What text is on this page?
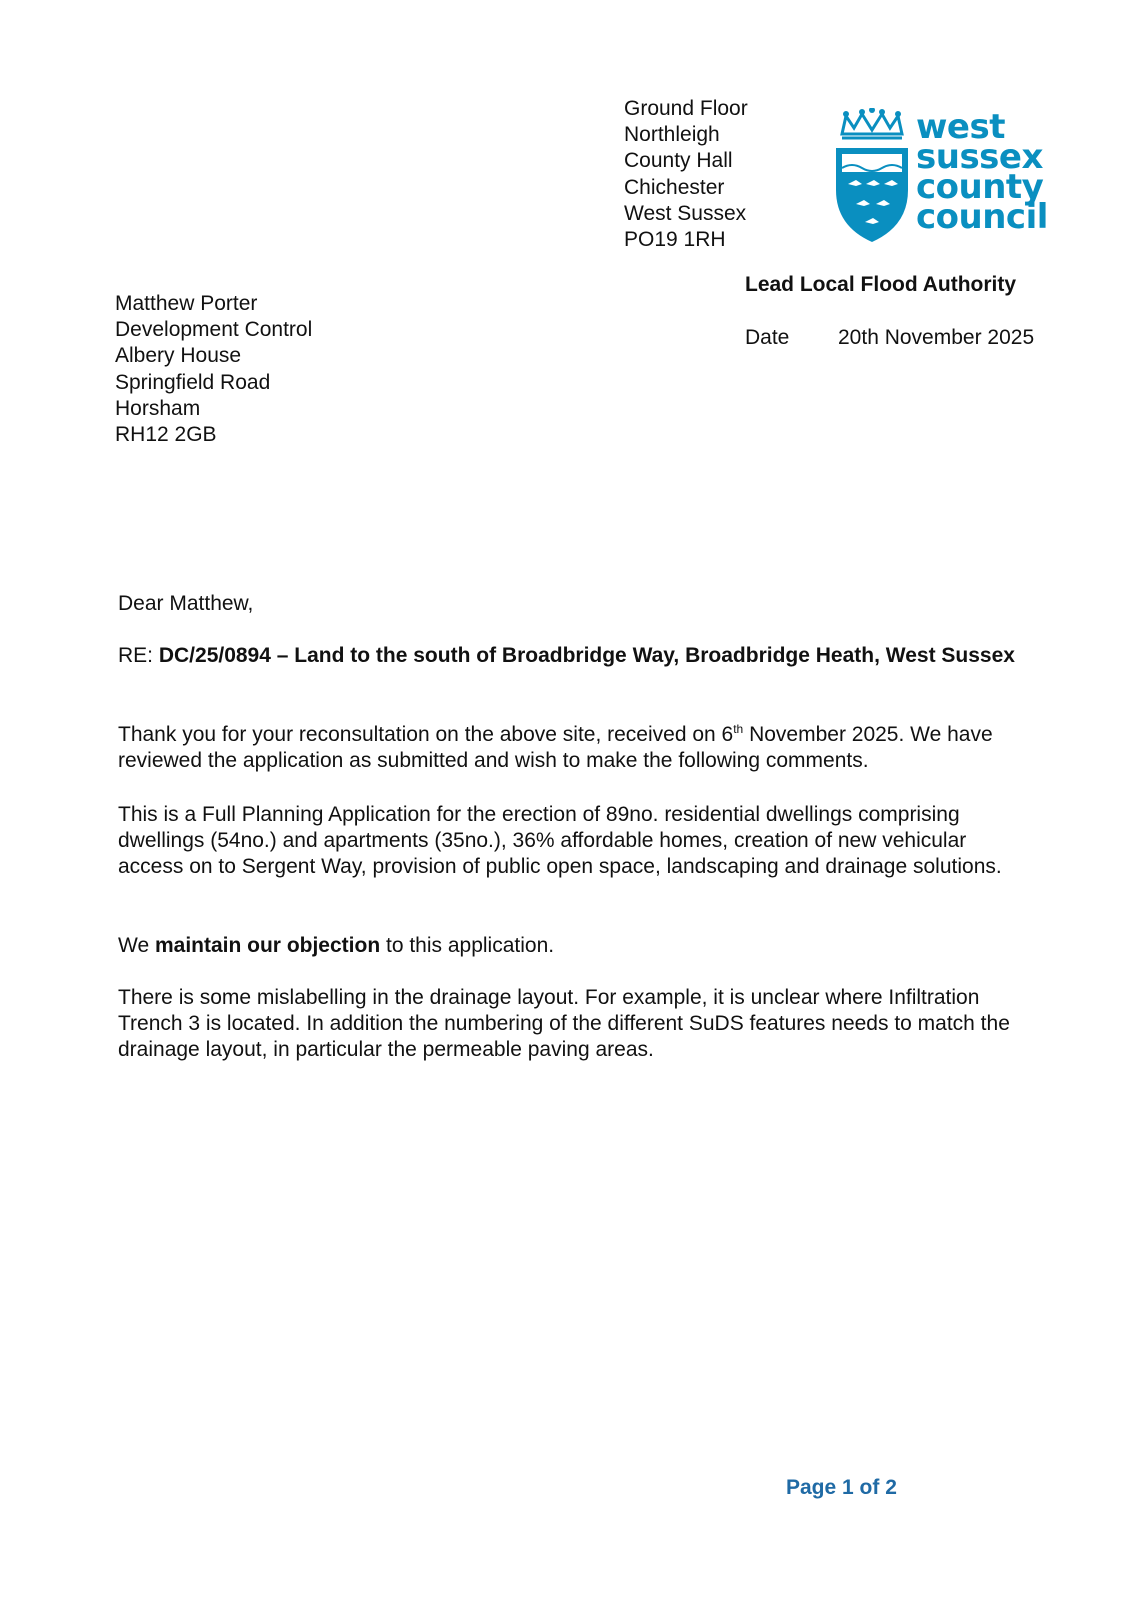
Ground Floor
Northleigh
County Hall
Chichester
West Sussex
PO19 1RH
west
sussex
county
council
Lead Local Flood Authority
Date 20th November 2025
Matthew Porter
Development Control
Albery House
Springfield Road
Horsham
RH12 2GB
Dear Matthew,

RE: DC/25/0894 – Land to the south of Broadbridge Way, Broadbridge Heath, West Sussex

Thank you for your reconsultation on the above site, received on 6th November 2025. We have reviewed the application as submitted and wish to make the following comments.

This is a Full Planning Application for the erection of 89no. residential dwellings comprising dwellings (54no.) and apartments (35no.), 36% affordable homes, creation of new vehicular access on to Sergent Way, provision of public open space, landscaping and drainage solutions.

We maintain our objection to this application.

There is some mislabelling in the drainage layout. For example, it is unclear where Infiltration Trench 3 is located. In addition the numbering of the different SuDS features needs to match the drainage layout, in particular the permeable paving areas.

Page 1 of 2
